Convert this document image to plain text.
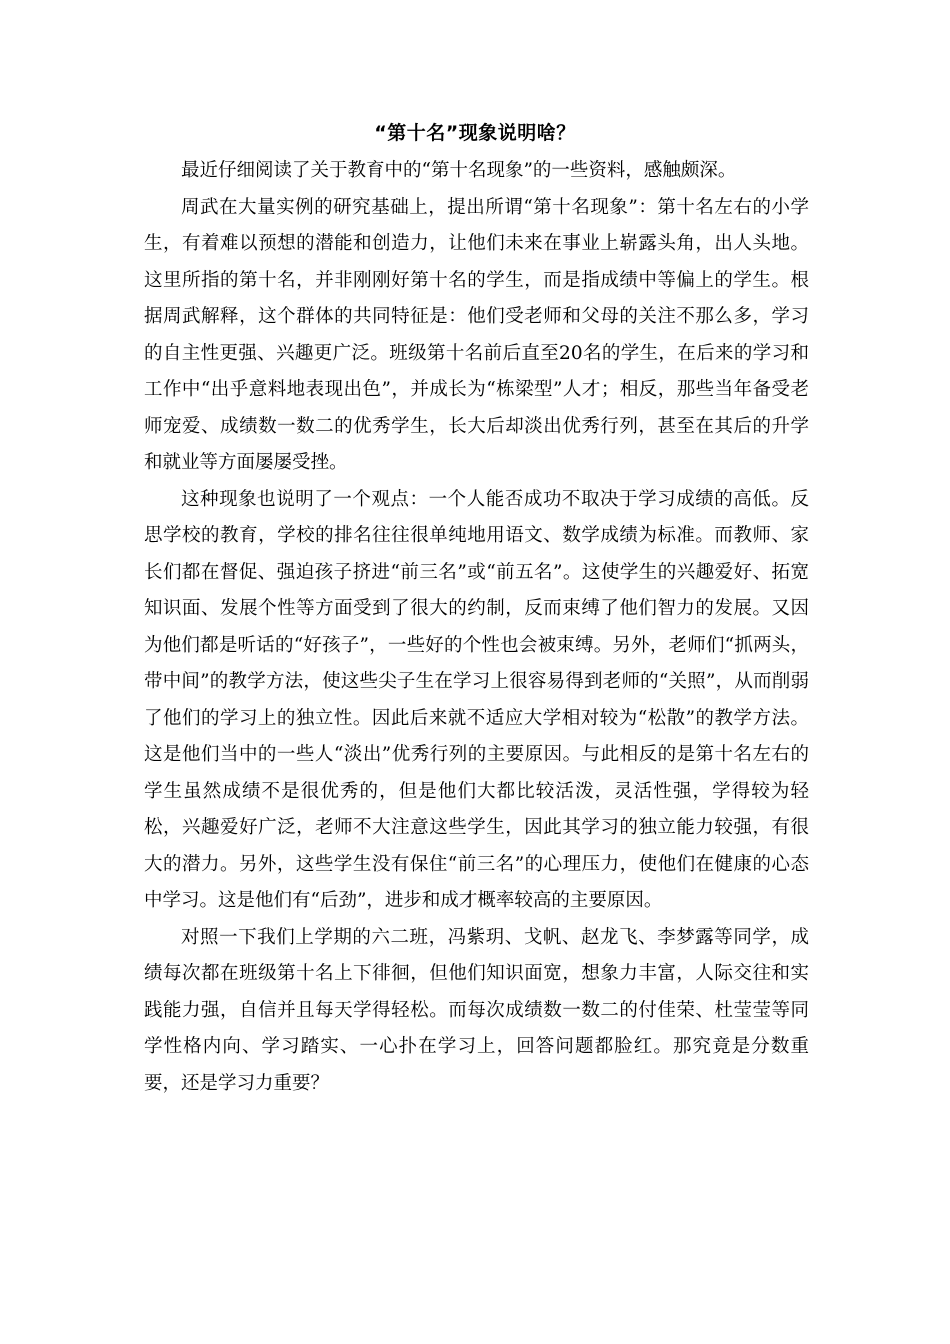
“第十名”现象说明啥？

最近仔细阅读了关于教育中的“第十名现象”的一些资料，感触颇深。

周武在大量实例的研究基础上，提出所谓“第十名现象”：第十名左右的小学生，有着难以预想的潜能和创造力，让他们未来在事业上崭露头角，出人头地。这里所指的第十名，并非刚刚好第十名的学生，而是指成绩中等偏上的学生。根据周武解释，这个群体的共同特征是：他们受老师和父母的关注不那么多，学习的自主性更强、兴趣更广泛。班级第十名前后直至20名的学生，在后来的学习和工作中“出乎意料地表现出色”，并成长为“栋梁型”人才；相反，那些当年备受老师宠爱、成绩数一数二的优秀学生，长大后却淡出优秀行列，甚至在其后的升学和就业等方面屡屡受挫。

这种现象也说明了一个观点：一个人能否成功不取决于学习成绩的高低。反思学校的教育，学校的排名往往很单纯地用语文、数学成绩为标准。而教师、家长们都在督促、强迫孩子挤进“前三名”或“前五名”。这使学生的兴趣爱好、拓宽知识面、发展个性等方面受到了很大的约制，反而束缚了他们智力的发展。又因为他们都是听话的“好孩子”，一些好的个性也会被束缚。另外，老师们“抓两头，带中间”的教学方法，使这些尖子生在学习上很容易得到老师的“关照”，从而削弱了他们的学习上的独立性。因此后来就不适应大学相对较为“松散”的教学方法。这是他们当中的一些人“淡出”优秀行列的主要原因。与此相反的是第十名左右的学生虽然成绩不是很优秀的，但是他们大都比较活泼，灵活性强，学得较为轻松，兴趣爱好广泛，老师不大注意这些学生，因此其学习的独立能力较强，有很大的潜力。另外，这些学生没有保住“前三名”的心理压力，使他们在健康的心态中学习。这是他们有“后劲”，进步和成才概率较高的主要原因。

对照一下我们上学期的六二班，冯紫玥、戈帆、赵龙飞、李梦露等同学，成绩每次都在班级第十名上下徘徊，但他们知识面宽，想象力丰富，人际交往和实践能力强，自信并且每天学得轻松。而每次成绩数一数二的付佳荣、杜莹莹等同学性格内向、学习踏实、一心扑在学习上，回答问题都脸红。那究竟是分数重要，还是学习力重要？
